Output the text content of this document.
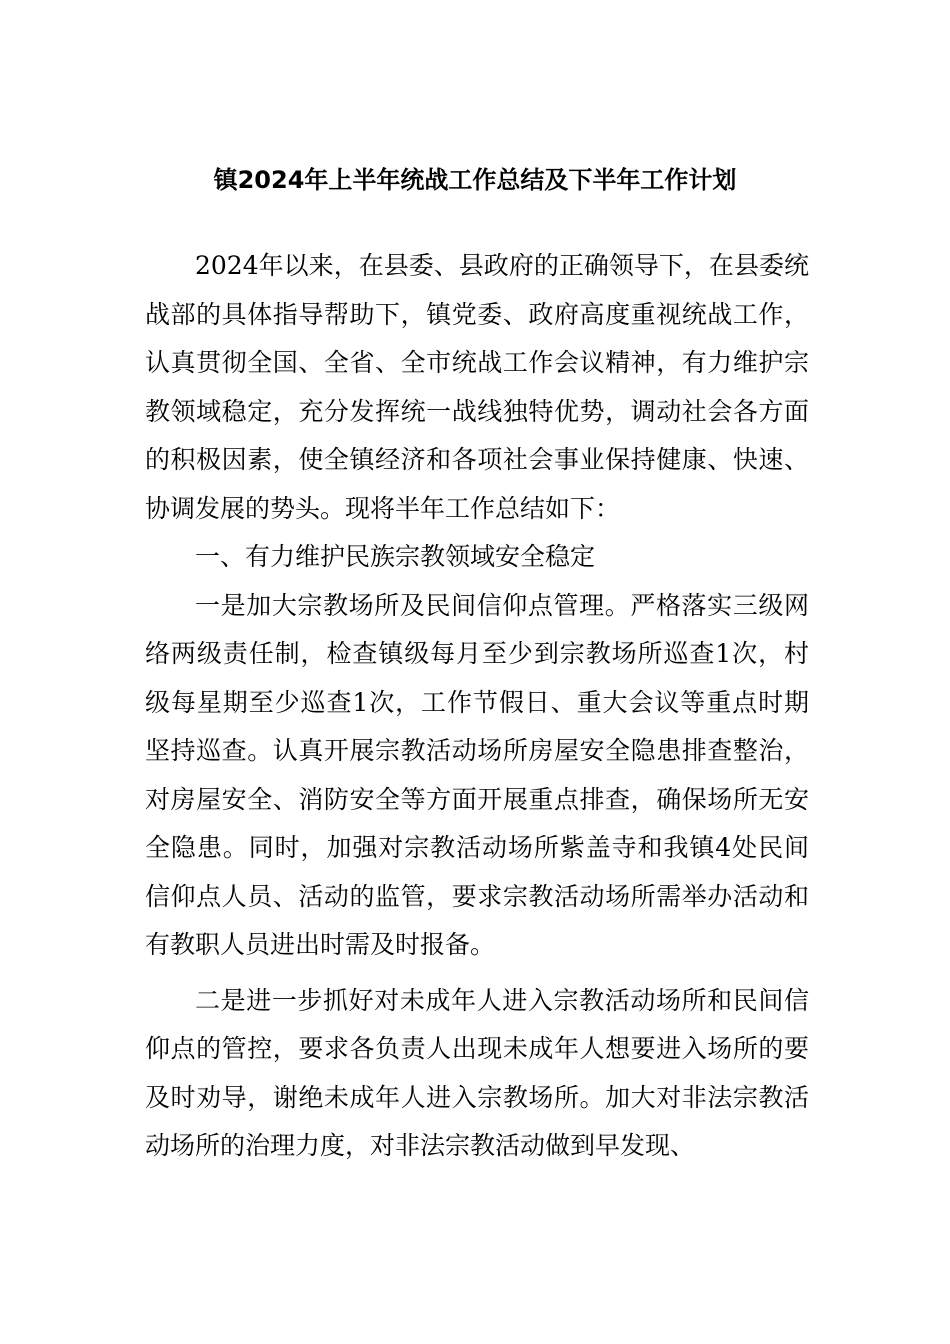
镇2024年上半年统战工作总结及下半年工作计划

2024年以来，在县委、县政府的正确领导下，在县委统战部的具体指导帮助下，镇党委、政府高度重视统战工作，认真贯彻全国、全省、全市统战工作会议精神，有力维护宗教领域稳定，充分发挥统一战线独特优势，调动社会各方面的积极因素，使全镇经济和各项社会事业保持健康、快速、协调发展的势头。现将半年工作总结如下：

一、有力维护民族宗教领域安全稳定

一是加大宗教场所及民间信仰点管理。严格落实三级网络两级责任制，检查镇级每月至少到宗教场所巡查1次，村级每星期至少巡查1次，工作节假日、重大会议等重点时期坚持巡查。认真开展宗教活动场所房屋安全隐患排查整治，对房屋安全、消防安全等方面开展重点排查，确保场所无安全隐患。同时，加强对宗教活动场所紫盖寺和我镇4处民间信仰点人员、活动的监管，要求宗教活动场所需举办活动和有教职人员进出时需及时报备。

二是进一步抓好对未成年人进入宗教活动场所和民间信仰点的管控，要求各负责人出现未成年人想要进入场所的要及时劝导，谢绝未成年人进入宗教场所。加大对非法宗教活动场所的治理力度，对非法宗教活动做到早发现、
